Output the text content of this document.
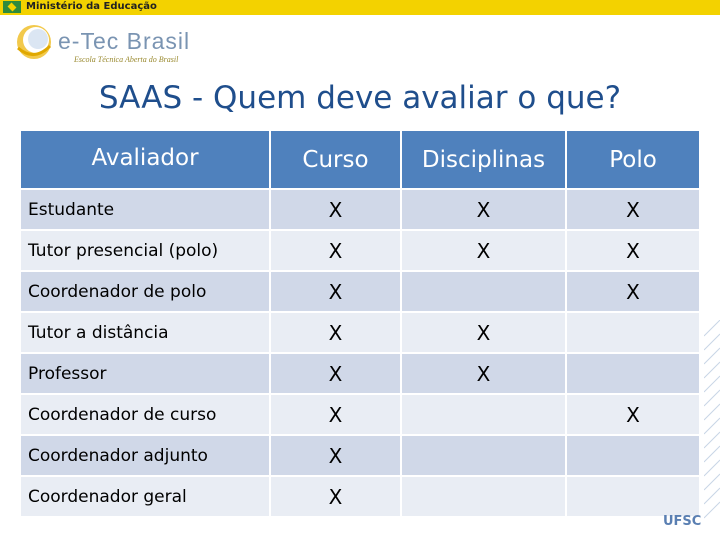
Ministério da Educação
e-Tec Brasil
Escola Técnica Aberta do Brasil
SAAS - Quem deve avaliar o que?
Avaliador	Curso	Disciplinas	Polo
Estudante	X	X	X
Tutor presencial (polo)	X	X	X
Coordenador de polo	X		X
Tutor a distância	X	X	
Professor	X	X	
Coordenador de curso	X		X
Coordenador adjunto	X		
Coordenador geral	X		
UFSC
